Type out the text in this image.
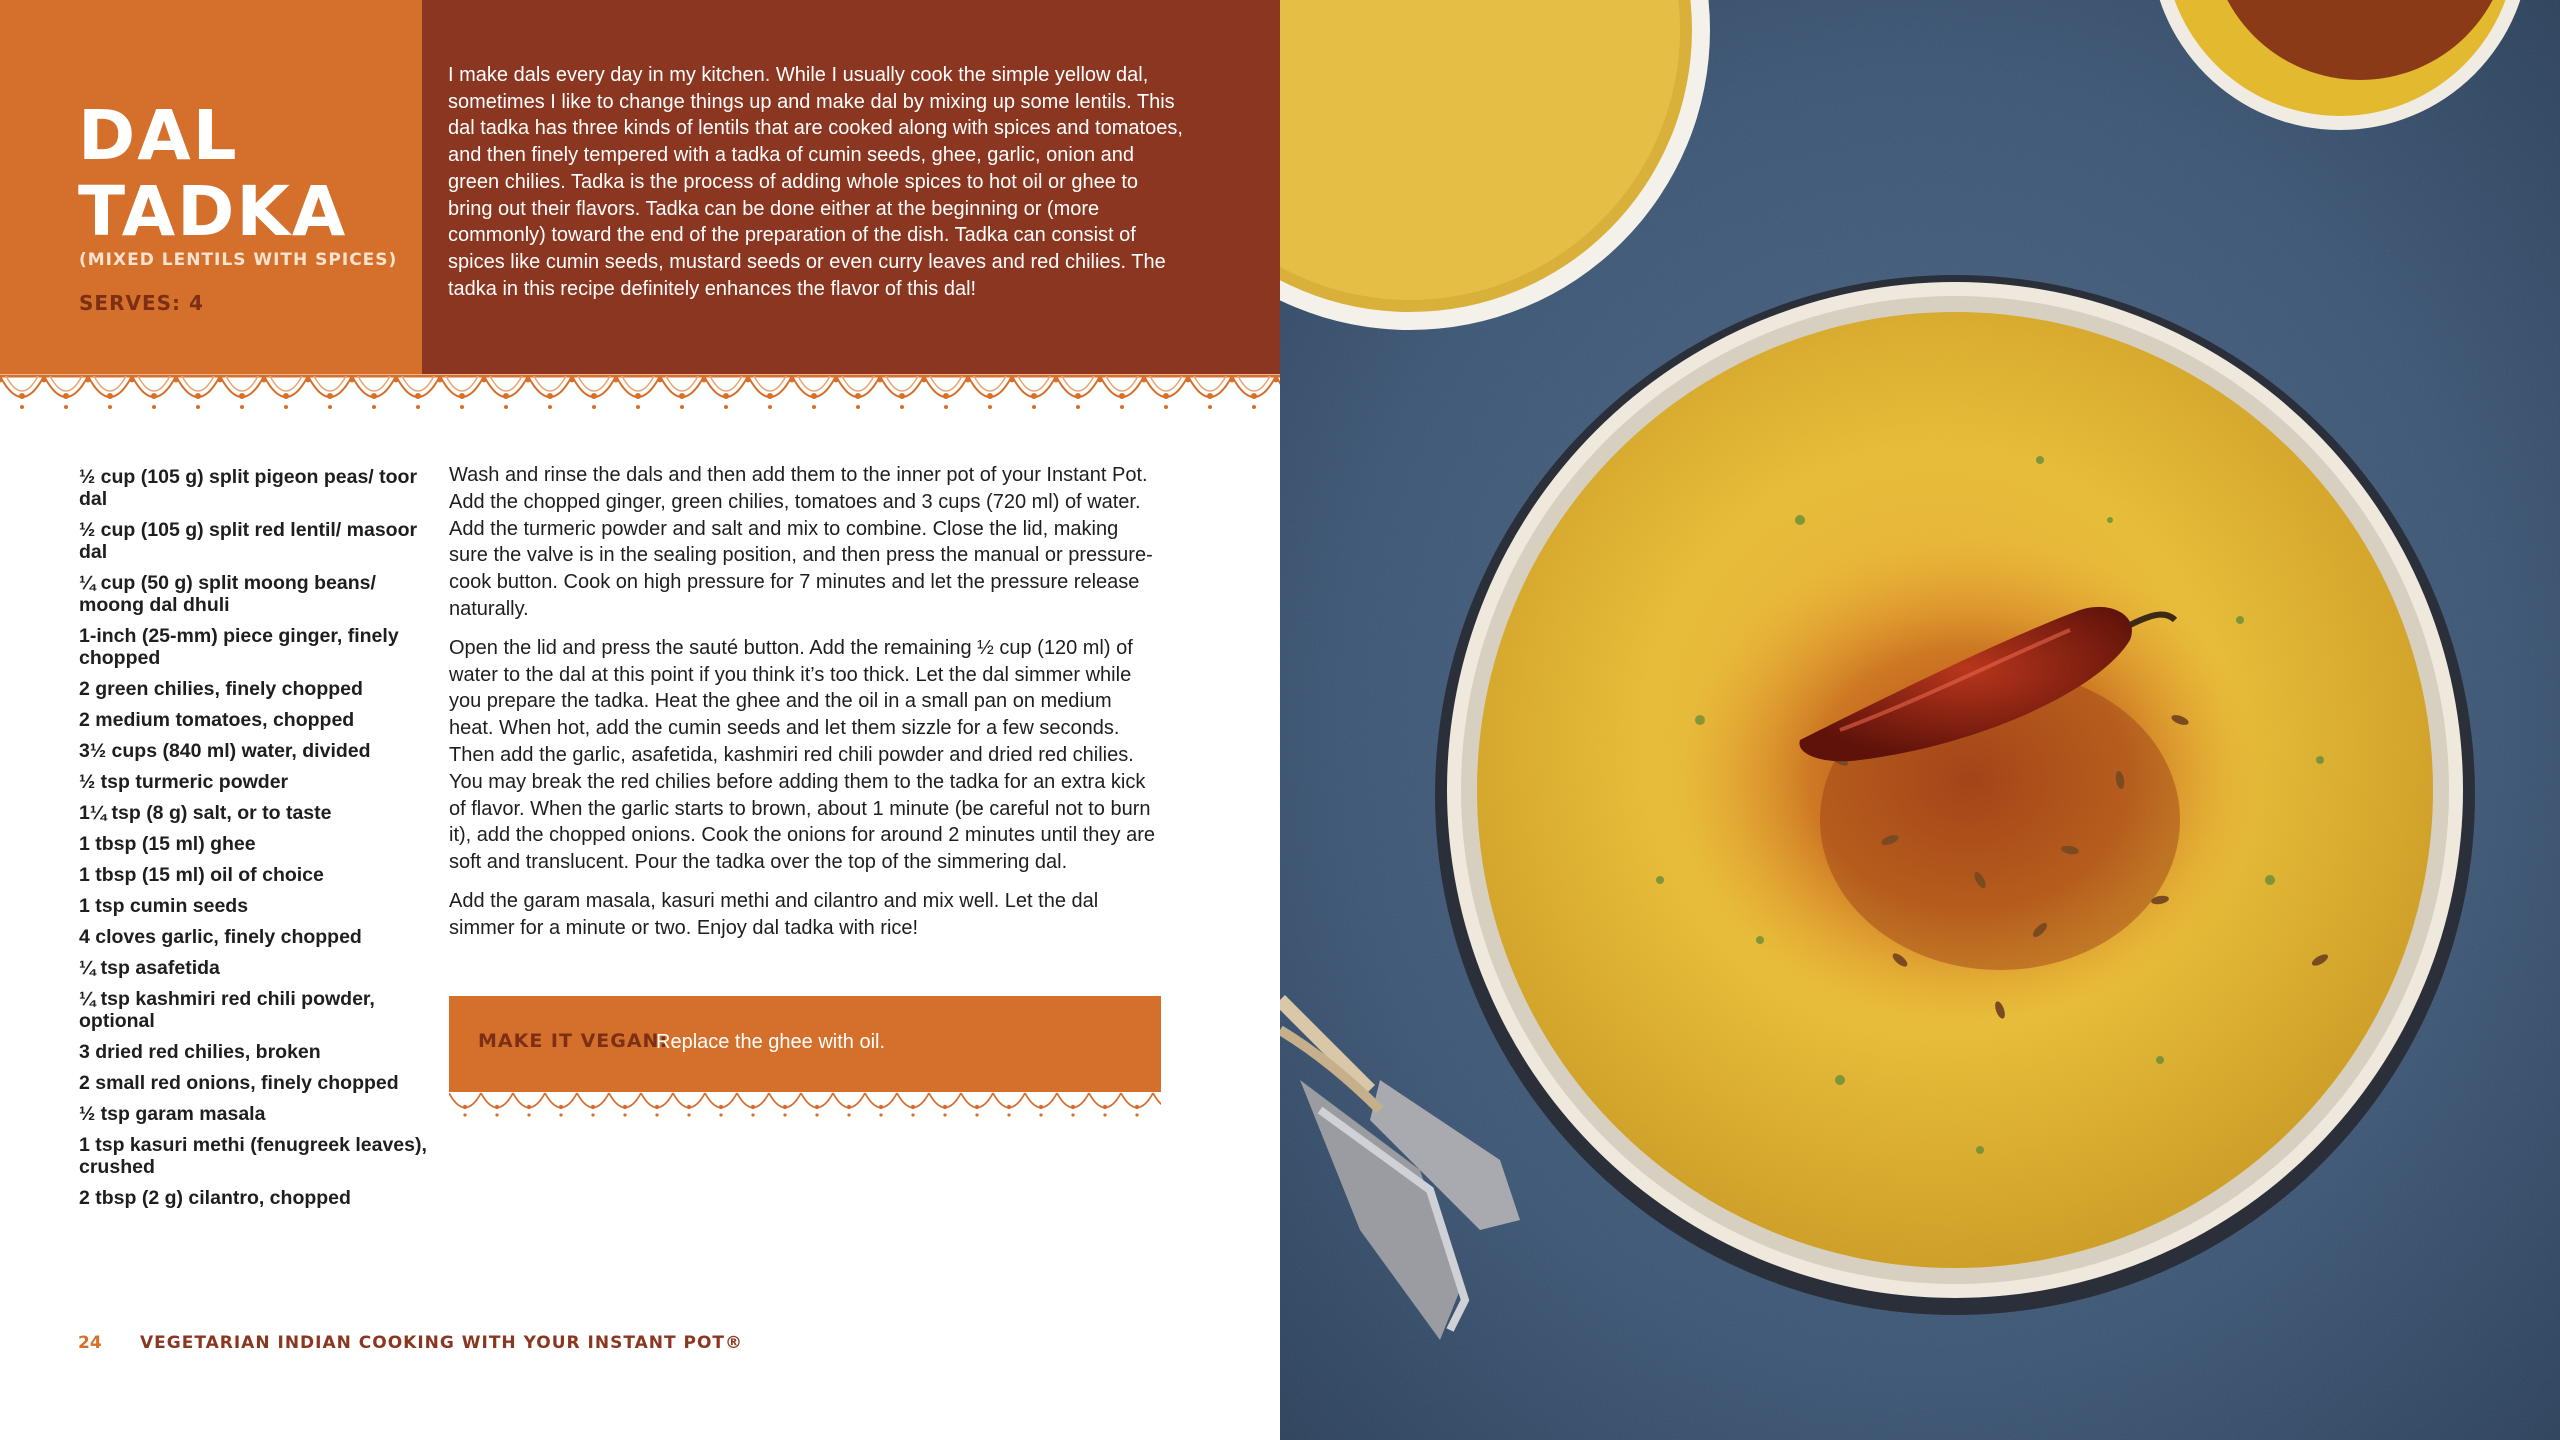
DAL
TADKA
(MIXED LENTILS WITH SPICES)
SERVES: 4

I make dals every day in my kitchen. While I usually cook the simple yellow dal, sometimes I like to change things up and make dal by mixing up some lentils. This dal tadka has three kinds of lentils that are cooked along with spices and tomatoes, and then finely tempered with a tadka of cumin seeds, ghee, garlic, onion and green chilies. Tadka is the process of adding whole spices to hot oil or ghee to bring out their flavors. Tadka can be done either at the beginning or (more commonly) toward the end of the preparation of the dish. Tadka can consist of spices like cumin seeds, mustard seeds or even curry leaves and red chilies. The tadka in this recipe definitely enhances the flavor of this dal!

½ cup (105 g) split pigeon peas/ toor dal
½ cup (105 g) split red lentil/ masoor dal
¼ cup (50 g) split moong beans/ moong dal dhuli
1-inch (25-mm) piece ginger, finely chopped
2 green chilies, finely chopped
2 medium tomatoes, chopped
3½ cups (840 ml) water, divided
½ tsp turmeric powder
1¼ tsp (8 g) salt, or to taste
1 tbsp (15 ml) ghee
1 tbsp (15 ml) oil of choice
1 tsp cumin seeds
4 cloves garlic, finely chopped
¼ tsp asafetida
¼ tsp kashmiri red chili powder, optional
3 dried red chilies, broken
2 small red onions, finely chopped
½ tsp garam masala
1 tsp kasuri methi (fenugreek leaves), crushed
2 tbsp (2 g) cilantro, chopped

Wash and rinse the dals and then add them to the inner pot of your Instant Pot. Add the chopped ginger, green chilies, tomatoes and 3 cups (720 ml) of water. Add the turmeric powder and salt and mix to combine. Close the lid, making sure the valve is in the sealing position, and then press the manual or pressure-cook button. Cook on high pressure for 7 minutes and let the pressure release naturally.

Open the lid and press the sauté button. Add the remaining ½ cup (120 ml) of water to the dal at this point if you think it’s too thick. Let the dal simmer while you prepare the tadka. Heat the ghee and the oil in a small pan on medium heat. When hot, add the cumin seeds and let them sizzle for a few seconds. Then add the garlic, asafetida, kashmiri red chili powder and dried red chilies. You may break the red chilies before adding them to the tadka for an extra kick of flavor. When the garlic starts to brown, about 1 minute (be careful not to burn it), add the chopped onions. Cook the onions for around 2 minutes until they are soft and translucent. Pour the tadka over the top of the simmering dal.

Add the garam masala, kasuri methi and cilantro and mix well. Let the dal simmer for a minute or two. Enjoy dal tadka with rice!

MAKE IT VEGAN:
Replace the ghee with oil.
24 VEGETARIAN INDIAN COOKING WITH YOUR INSTANT POT®
